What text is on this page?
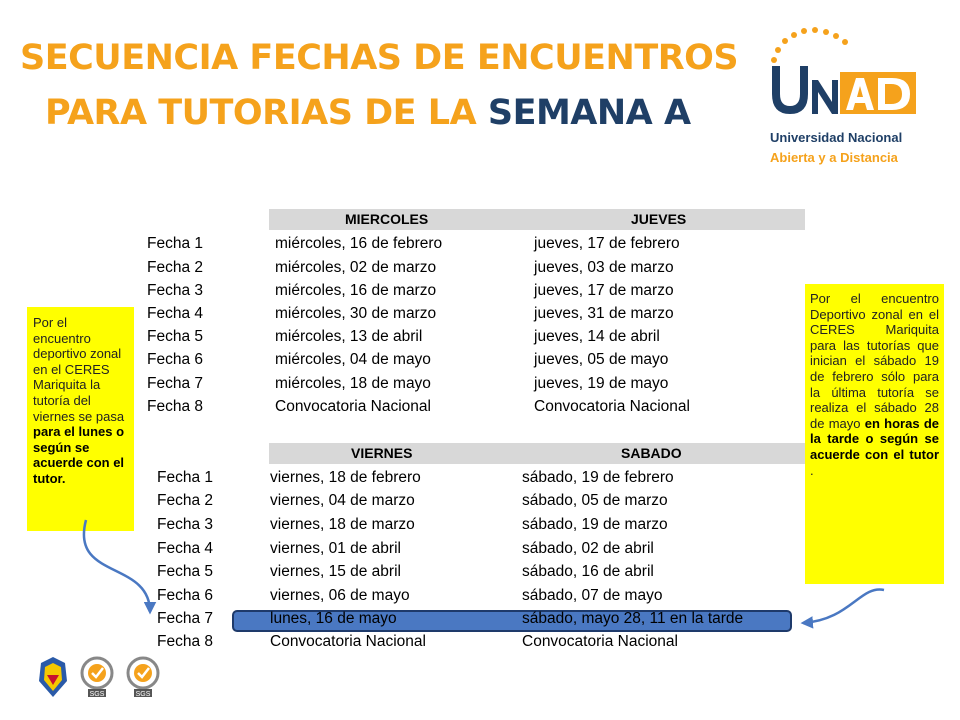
SECUENCIA FECHAS DE ENCUENTROS
PARA TUTORIAS DE LA SEMANA A
Universidad Nacional
Abierta y a Distancia
MIERCOLES	JUEVES
Fecha 1	miércoles, 16 de febrero	jueves, 17 de febrero
Fecha 2	miércoles, 02 de marzo	jueves, 03 de marzo
Fecha 3	miércoles, 16 de marzo	jueves, 17 de marzo
Fecha 4	miércoles, 30 de marzo	jueves, 31 de marzo
Fecha 5	miércoles, 13 de abril	jueves, 14 de abril
Fecha 6	miércoles, 04 de mayo	jueves, 05 de mayo
Fecha 7	miércoles, 18 de mayo	jueves, 19 de mayo
Fecha 8	Convocatoria Nacional	Convocatoria Nacional
VIERNES	SABADO
Fecha 1	viernes, 18 de febrero	sábado, 19 de febrero
Fecha 2	viernes, 04 de marzo	sábado, 05 de marzo
Fecha 3	viernes, 18 de marzo	sábado, 19 de marzo
Fecha 4	viernes, 01 de abril	sábado, 02 de abril
Fecha 5	viernes, 15 de abril	sábado, 16 de abril
Fecha 6	viernes, 06 de mayo	sábado, 07 de mayo
Fecha 7	lunes, 16 de mayo	sábado, mayo 28, 11 en la tarde
Fecha 8	Convocatoria Nacional	Convocatoria Nacional
Por el encuentro deportivo zonal en el CERES Mariquita la tutoría del viernes se pasa para el lunes o según se acuerde con el tutor.
Por el encuentro Deportivo zonal en el CERES Mariquita para las tutorías que inician el sábado 19 de febrero sólo para la última tutoría se realiza el sábado 28 de mayo en horas de la tarde o según se acuerde con el tutor .
SGS	SGS
